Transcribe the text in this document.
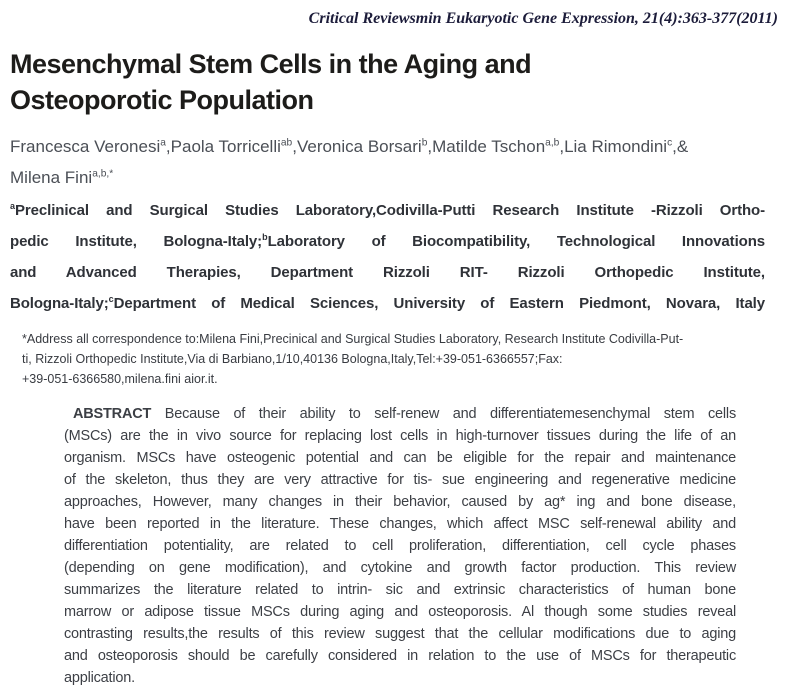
Critical Reviewsmin Eukaryotic Gene Expression, 21(4):363-377(2011)
Mesenchymal Stem Cells in the Aging and
Osteoporotic Population
Francesca Veronesi$^a$,Paola Torricelli$^{ab}$,Veronica Borsari$^b$,Matilde Tschon$^{a,b}$,Lia Rimondini$^c$,&
Milena Fini$^{a,b,*}$
$^a$Preclinical and Surgical Studies Laboratory,Codivilla-Putti Research Institute -Rizzoli Ortho-
pedic Institute, Bologna-Italy;$^b$Laboratory of Biocompatibility, Technological Innovations
and Advanced Therapies, Department Rizzoli RIT- Rizzoli Orthopedic Institute,
Bologna-Italy;$^c$Department of Medical Sciences, University of Eastern Piedmont, Novara, Italy
*Address all correspondence to:Milena Fini,Precinical and Surgical Studies Laboratory, Research Institute Codivilla-Put-
ti, Rizzoli Orthopedic Institute,Via di Barbiano,1/10,40136 Bologna,Italy,Tel:+39-051-6366557;Fax:
+39-051-6366580,milena.fini aior.it.
ABSTRACT Because of their ability to self-renew and differentiatemesenchymal stem cells
(MSCs) are the in vivo source for replacing lost cells in high-turnover tissues during the life of an
organism. MSCs have osteogenic potential and can be eligible for the repair and maintenance
of the skeleton, thus they are very attractive for tis- sue engineering and regenerative medicine
approaches, However, many changes in their behavior, caused by ag* ing and bone disease,
have been reported in the literature. These changes, which affect MSC self-renewal ability and
differentiation potentiality, are related to cell proliferation, differentiation, cell cycle phases
(depending on gene modification), and cytokine and growth factor production. This review
summarizes the literature related to intrin- sic and extrinsic characteristics of human bone
marrow or adipose tissue MSCs during aging and osteoporosis. Al though some studies reveal
contrasting results,the results of this review suggest that the cellular modifications due to aging
and osteoporosis should be carefully considered in relation to the use of MSCs for therapeutic
application.
